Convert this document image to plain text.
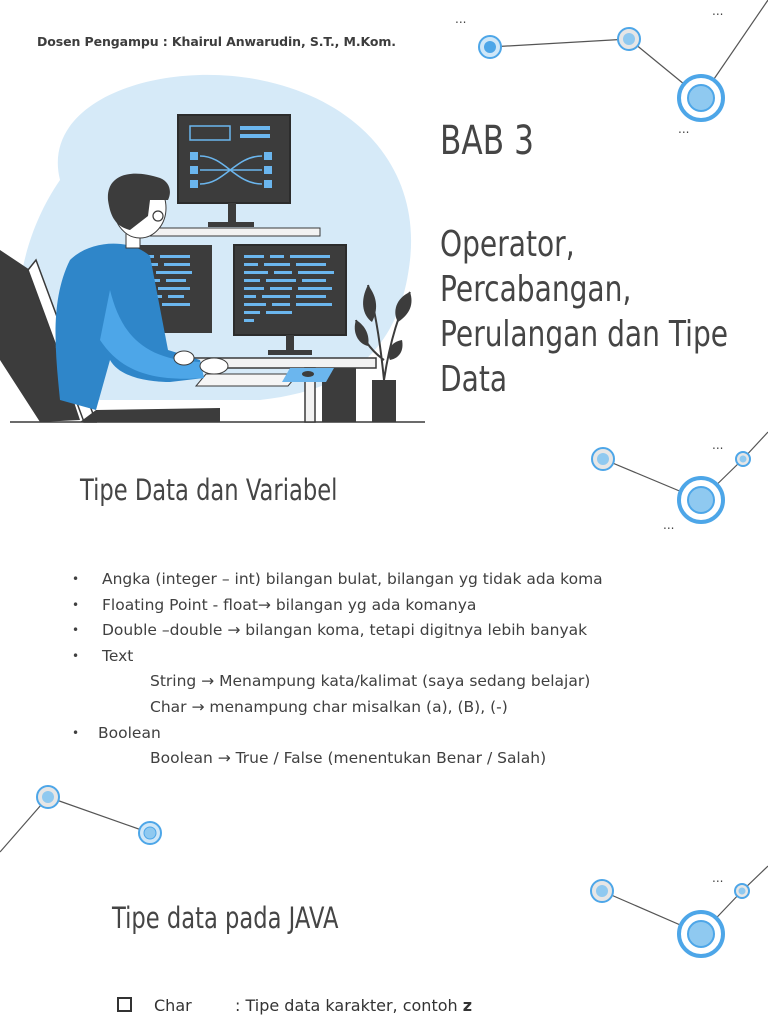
Dosen Pengampu : Khairul Anwarudin, S.T., M.Kom.
...
...
...
...
...
...
BAB 3
Operator,
Percabangan,
Perulangan dan Tipe
Data
Tipe Data dan Variabel
• Angka (integer – int) bilangan bulat, bilangan yg tidak ada koma
• Floating Point - float→ bilangan yg ada komanya
• Double –double → bilangan koma, tetapi digitnya lebih banyak
• Text
String → Menampung kata/kalimat (saya sedang belajar)
Char → menampung char misalkan (a), (B), (-)
• Boolean
Boolean → True / False (menentukan Benar / Salah)
Tipe data pada JAVA
Char	: Tipe data karakter, contoh z
